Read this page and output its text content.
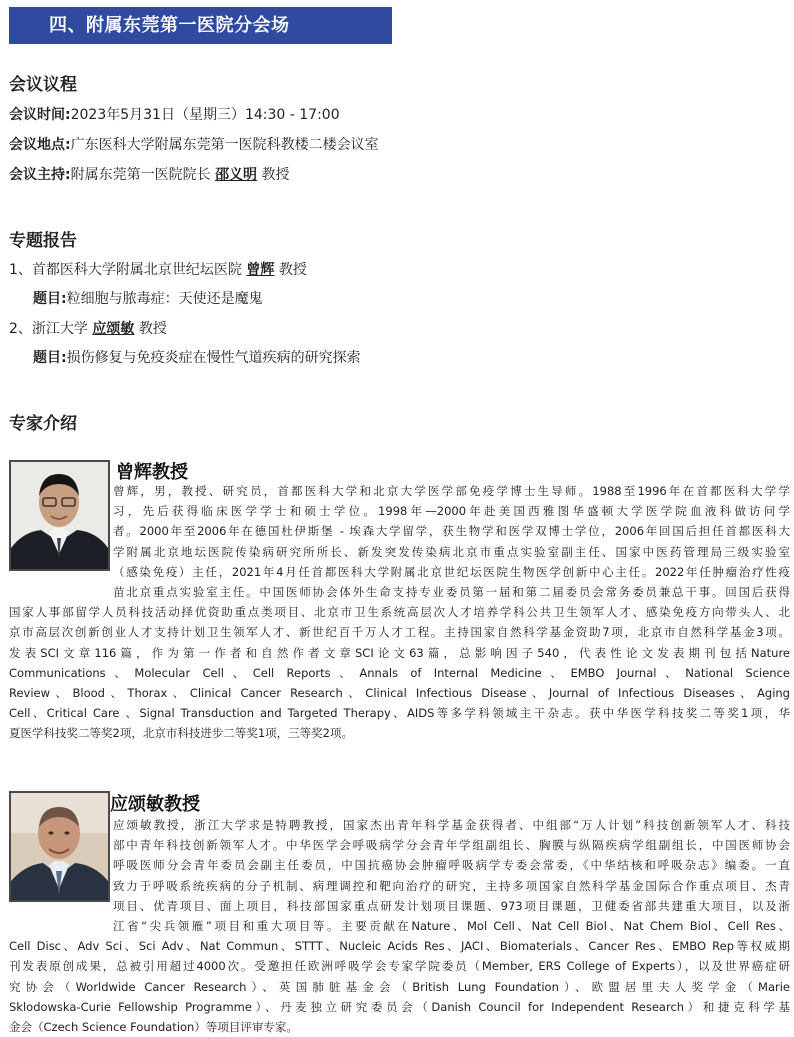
四、附属东莞第一医院分会场
会议议程
会议时间:2023年5月31日（星期三）14:30 - 17:00
会议地点:广东医科大学附属东莞第一医院科教楼二楼会议室
会议主持:附属东莞第一医院院长 邵义明 教授
专题报告
1、首都医科大学附属北京世纪坛医院 曾辉 教授
题目:粒细胞与脓毒症：天使还是魔鬼
2、浙江大学 应颂敏 教授
题目:损伤修复与免疫炎症在慢性气道疾病的研究探索
专家介绍
曾辉教授
曾辉，男，教授、研究员，首都医科大学和北京大学医学部免疫学博士生导师。1988至1996年在首都医科大学学
习，先后获得临床医学学士和硕士学位。1998年—2000年赴美国西雅图华盛顿大学医学院血液科做访问学
者。2000年至2006年在德国杜伊斯堡 - 埃森大学留学，获生物学和医学双博士学位，2006年回国后担任首都医科大
学附属北京地坛医院传染病研究所所长、新发突发传染病北京市重点实验室副主任、国家中医药管理局三级实验室
（感染免疫）主任，2021年4月任首都医科大学附属北京世纪坛医院生物医学创新中心主任。2022年任肿瘤治疗性疫
苗北京重点实验室主任。中国医师协会体外生命支持专业委员第一届和第二届委员会常务委员兼总干事。回国后获得
国家人事部留学人员科技活动择优资助重点类项目、北京市卫生系统高层次人才培养学科公共卫生领军人才、感染免疫方向带头人、北
京市高层次创新创业人才支持计划卫生领军人才、新世纪百千万人才工程。主持国家自然科学基金资助7项，北京市自然科学基金3项。
发表SCI文章116篇，作为第一作者和自然作者文章SCI论文63篇，总影响因子540，代表性论文发表期刊包括Nature
Communications、Molecular Cell、Cell Reports、Annals of Internal Medicine、EMBO Journal、National Science
Review、Blood、Thorax、Clinical Cancer Research、Clinical Infectious Disease、Journal of Infectious Diseases、Aging
Cell、Critical Care 、Signal Transduction and Targeted Therapy、AIDS等多学科领域主干杂志。获中华医学科技奖二等奖1项，华
夏医学科技奖二等奖2项，北京市科技进步二等奖1项，三等奖2项。
应颂敏教授
应颂敏教授，浙江大学求是特聘教授，国家杰出青年科学基金获得者、中组部“万人计划”科技创新领军人才、科技
部中青年科技创新领军人才。中华医学会呼吸病学分会青年学组副组长、胸膜与纵隔疾病学组副组长，中国医师协会
呼吸医师分会青年委员会副主任委员，中国抗癌协会肿瘤呼吸病学专委会常委，《中华结核和呼吸杂志》编委。一直
致力于呼吸系统疾病的分子机制、病理调控和靶向治疗的研究，主持多项国家自然科学基金国际合作重点项目、杰青
项目、优青项目、面上项目，科技部国家重点研发计划项目课题、973项目课题，卫健委省部共建重大项目，以及浙
江省“尖兵领雁”项目和重大项目等。主要贡献在Nature、Mol Cell、Nat Cell Biol、Nat Chem Biol、Cell Res、
Cell Disc、Adv Sci、Sci Adv、Nat Commun、STTT、Nucleic Acids Res、JACI、Biomaterials、Cancer Res、EMBO Rep等权威期
刊发表原创成果，总被引用超过4000次。受邀担任欧洲呼吸学会专家学院委员（Member, ERS College of Experts），以及世界癌症研
究协会（Worldwide Cancer Research）、英国肺脏基金会（British Lung Foundation）、欧盟居里夫人奖学金（Marie
Sklodowska-Curie Fellowship Programme）、丹麦独立研究委员会（Danish Council for Independent Research）和捷克科学基
金会（Czech Science Foundation）等项目评审专家。
